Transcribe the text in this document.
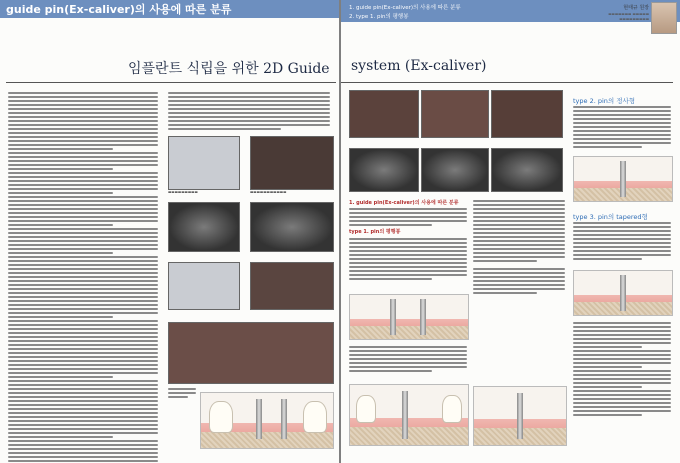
guide pin(Ex-caliver)의 사용에 따른 분류
임플란트 식립을 위한 2D Guide
▬▬▬▬▬▬▬▬▬	▬▬▬▬▬▬▬▬▬▬▬
1. guide pin(Ex-caliver)의 사용에 따른 분류
2. type 1. pin의 평행봉
현태규 원장
▬▬▬▬▬▬▬ ▬▬▬▬▬ ▬▬▬▬▬▬▬▬▬
system (Ex-caliver)
1. guide pin(Ex-caliver)의 사용에 따른 분류
type 1. pin의 평행봉
type 2. pin의 정사형
type 3. pin의 tapered형
